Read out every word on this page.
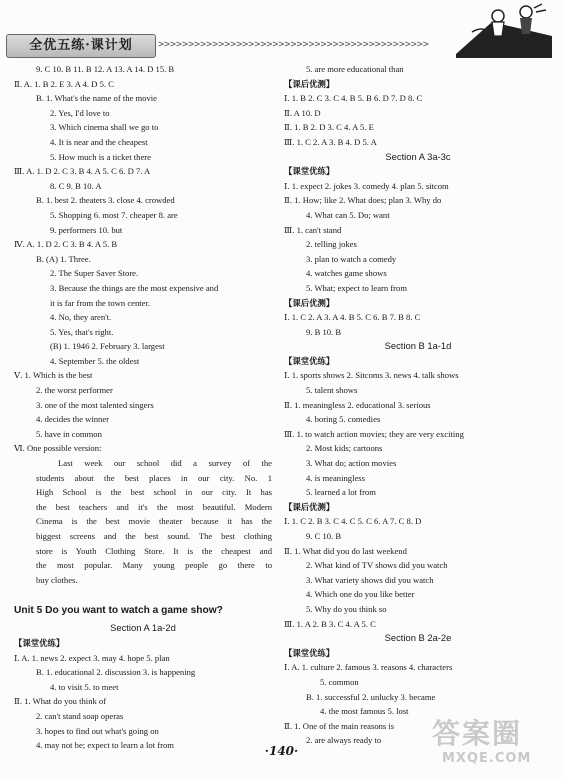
全优五练·课计划	>>>>>>>>>>>>>>>>>>>>>>>>>>>>>>>>>>>>>>>>>>>>>
9. C 10. B 11. B 12. A 13. A 14. D 15. B
Ⅱ. A. 1. B 2. E 3. A 4. D 5. C
B. 1. What's the name of the movie
2. Yes, I'd love to
3. Which cinema shall we go to
4. It is near and the cheapest
5. How much is a ticket there
Ⅲ. A. 1. D 2. C 3. B 4. A 5. C 6. D 7. A
8. C 9. B 10. A
B. 1. best 2. theaters 3. close 4. crowded
5. Shopping 6. most 7. cheaper 8. are
9. performers 10. but
Ⅳ. A. 1. D 2. C 3. B 4. A 5. B
B. (A) 1. Three.
2. The Super Saver Store.
3. Because the things are the most expensive and
it is far from the town center.
4. No, they aren't.
5. Yes, that's right.
(B) 1. 1946 2. February 3. largest
4. September 5. the oldest
Ⅴ. 1. Which is the best
2. the worst performer
3. one of the most talented singers
4. decides the winner
5. have in common
Ⅵ. One possible version:
Last week our school did a survey of the
students about the best places in our city. No. 1
High School is the best school in our city. It has
the best teachers and it's the most beautiful. Modern
Cinema is the best movie theater because it has the
biggest screens and the best sound. The best clothing
store is Youth Clothing Store. It is the cheapest and
the most popular. Many young people go there to
buy clothes.
Unit 5 Do you want to watch a game show?
Section A 1a-2d
【课堂优练】
Ⅰ. A. 1. news 2. expect 3. may 4. hope 5. plan
B. 1. educational 2. discussion 3. is happening
4. to visit 5. to meet
Ⅱ. 1. What do you think of
2. can't stand soap operas
3. hopes to find out what's going on
4. may not be; expect to learn a lot from
5. are more educational than
【课后优测】
Ⅰ. 1. B 2. C 3. C 4. B 5. B 6. D 7. D 8. C
Ⅱ. A 10. D
Ⅱ. 1. B 2. D 3. C 4. A 5. E
Ⅲ. 1. C 2. A 3. B 4. D 5. A
Section A 3a-3c
【课堂优练】
Ⅰ. 1. expect 2. jokes 3. comedy 4. plan 5. sitcom
Ⅱ. 1. How; like 2. What does; plan 3. Why do
4. What can 5. Do; want
Ⅲ. 1. can't stand
2. telling jokes
3. plan to watch a comedy
4. watches game shows
5. What; expect to learn from
【课后优测】
Ⅰ. 1. C 2. A 3. A 4. B 5. C 6. B 7. B 8. C
9. B 10. B
Section B 1a-1d
【课堂优练】
Ⅰ. 1. sports shows 2. Sitcoms 3. news 4. talk shows
5. talent shows
Ⅱ. 1. meaningless 2. educational 3. serious
4. boring 5. comedies
Ⅲ. 1. to watch action movies; they are very exciting
2. Most kids; cartoons
3. What do; action movies
4. is meaningless
5. learned a lot from
【课后优测】
Ⅰ. 1. C 2. B 3. C 4. C 5. C 6. A 7. C 8. D
9. C 10. B
Ⅱ. 1. What did you do last weekend
2. What kind of TV shows did you watch
3. What variety shows did you watch
4. Which one do you like better
5. Why do you think so
Ⅲ. 1. A 2. B 3. C 4. A 5. C
Section B 2a-2e
【课堂优练】
Ⅰ. A. 1. culture 2. famous 3. reasons 4. characters
5. common
B. 1. successful 2. unlucky 3. became
4. the most famous 5. lost
Ⅱ. 1. One of the main reasons is
2. are always ready to
·140·
答案圈
MXQE.COM
